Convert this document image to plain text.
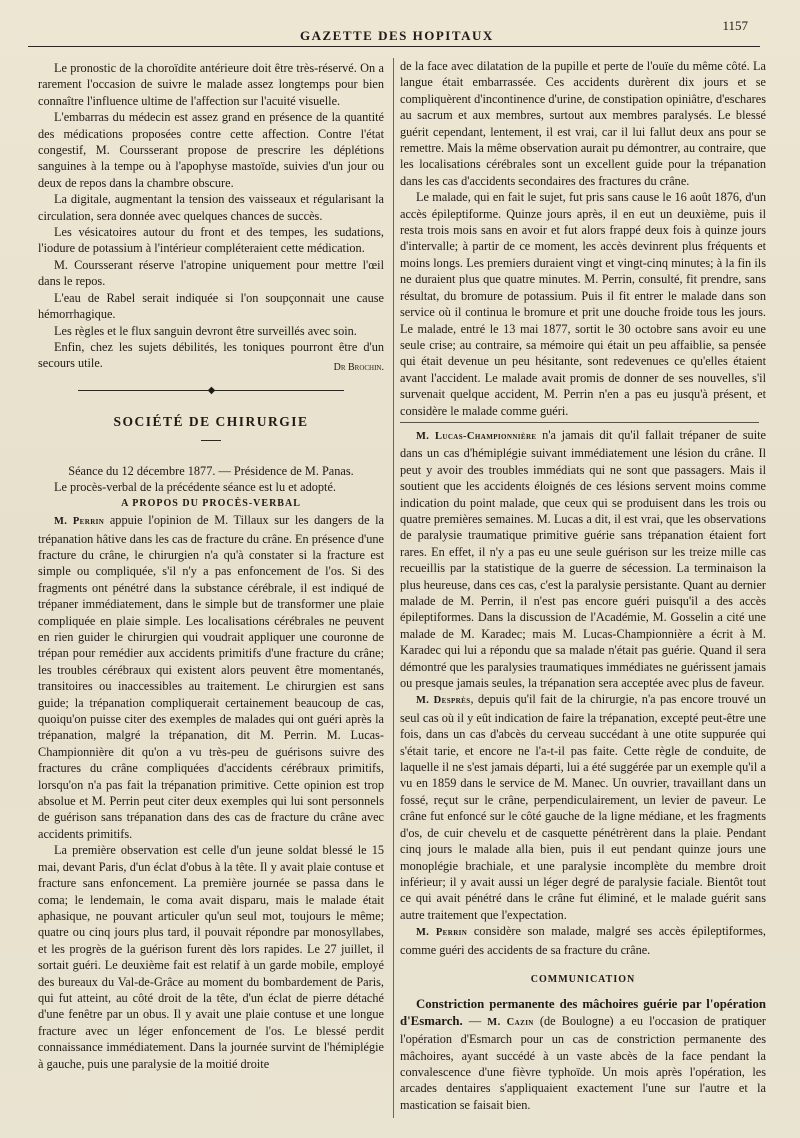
GAZETTE DES HOPITAUX
1157

Le pronostic de la choroïdite antérieure doit être très-réservé. On a rarement l'occasion de suivre le malade assez longtemps pour bien connaître l'influence ultime de l'affection sur l'acuité visuelle.

L'embarras du médecin est assez grand en présence de la quantité des médications proposées contre cette affection. Contre l'état congestif, M. Coursserant propose de prescrire les déplétions sanguines à la tempe ou à l'apophyse mastoïde, suivies d'un jour ou deux de repos dans la chambre obscure.

La digitale, augmentant la tension des vaisseaux et régularisant la circulation, sera donnée avec quelques chances de succès.

Les vésicatoires autour du front et des tempes, les sudations, l'iodure de potassium à l'intérieur compléteraient cette médication.

M. Coursserant réserve l'atropine uniquement pour mettre l'œil dans le repos.

L'eau de Rabel serait indiquée si l'on soupçonnait une cause hémorrhagique.

Les règles et le flux sanguin devront être surveillés avec soin.

Enfin, chez les sujets débilités, les toniques pourront être d'un secours utile.	Dr Brochin.

◆
SOCIÉTÉ DE CHIRURGIE

Séance du 12 décembre 1877. — Présidence de M. Panas.

Le procès-verbal de la précédente séance est lu et adopté.

A PROPOS DU PROCÈS-VERBAL

M. Perrin appuie l'opinion de M. Tillaux sur les dangers de la trépanation hâtive dans les cas de fracture du crâne. En présence d'une fracture du crâne, le chirurgien n'a qu'à constater si la fracture est simple ou compliquée, s'il n'y a pas enfoncement de l'os. Si des fragments ont pénétré dans la substance cérébrale, il est indiqué de trépaner immédiatement, dans le simple but de transformer une plaie compliquée en plaie simple. Les localisations cérébrales ne peuvent en rien guider le chirurgien qui voudrait appliquer une couronne de trépan pour remédier aux accidents primitifs d'une fracture du crâne; les troubles cérébraux qui existent alors peuvent être momentanés, transitoires ou inaccessibles au traitement. Le chirurgien est sans guide; la trépanation compliquerait certainement beaucoup de cas, quoiqu'on puisse citer des exemples de malades qui ont guéri après la trépanation, malgré la trépanation, dit M. Perrin. M. Lucas-Championnière dit qu'on a vu très-peu de guérisons suivre des fractures du crâne compliquées d'accidents cérébraux primitifs, lorsqu'on n'a pas fait la trépanation primitive. Cette opinion est trop absolue et M. Perrin peut citer deux exemples qui lui sont personnels de guérison sans trépanation dans des cas de fracture du crâne avec accidents primitifs.

La première observation est celle d'un jeune soldat blessé le 15 mai, devant Paris, d'un éclat d'obus à la tête. Il y avait plaie contuse et fracture sans enfoncement. La première journée se passa dans le coma; le lendemain, le coma avait disparu, mais le malade était aphasique, ne pouvant articuler qu'un seul mot, toujours le même; quatre ou cinq jours plus tard, il pouvait répondre par monosyllabes, et les progrès de la guérison furent dès lors rapides. Le 27 juillet, il sortait guéri. Le deuxième fait est relatif à un garde mobile, employé des bureaux du Val-de-Grâce au moment du bombardement de Paris, qui fut atteint, au côté droit de la tête, d'un éclat de pierre détaché d'une fenêtre par un obus. Il y avait une plaie contuse et une longue fracture avec un léger enfoncement de l'os. Le blessé perdit connaissance immédiatement. Dans la journée survint de l'hémiplégie à gauche, puis une paralysie de la moitié droite

de la face avec dilatation de la pupille et perte de l'ouïe du même côté. La langue était embarrassée. Ces accidents durèrent dix jours et se compliquèrent d'incontinence d'urine, de constipation opiniâtre, d'eschares au sacrum et aux membres, surtout aux membres paralysés. Le blessé guérit cependant, lentement, il est vrai, car il lui fallut deux ans pour se remettre. Mais la même observation aurait pu démontrer, au contraire, que les localisations cérébrales sont un excellent guide pour la trépanation dans les cas d'accidents secondaires des fractures du crâne.

Le malade, qui en fait le sujet, fut pris sans cause le 16 août 1876, d'un accès épileptiforme. Quinze jours après, il en eut un deuxième, puis il resta trois mois sans en avoir et fut alors frappé deux fois à quinze jours d'intervalle; à partir de ce moment, les accès devinrent plus fréquents et moins longs. Les premiers duraient vingt et vingt-cinq minutes; à la fin ils ne duraient plus que quatre minutes. M. Perrin, consulté, fit prendre, sans résultat, du bromure de potassium. Puis il fit entrer le malade dans son service où il continua le bromure et prit une douche froide tous les jours. Le malade, entré le 13 mai 1877, sortit le 30 octobre sans avoir eu une seule crise; au contraire, sa mémoire qui était un peu affaiblie, sa pensée qui était devenue un peu hésitante, sont redevenues ce qu'elles étaient avant l'accident. Le malade avait promis de donner de ses nouvelles, s'il survenait quelque accident, M. Perrin n'en a pas eu jusqu'à présent, et considère le malade comme guéri.

M. Lucas-Championnière n'a jamais dit qu'il fallait trépaner de suite dans un cas d'hémiplégie suivant immédiatement une lésion du crâne. Il peut y avoir des troubles immédiats qui ne sont que passagers. Mais il soutient que les accidents éloignés de ces lésions servent moins comme indication du point malade, que ceux qui se produisent dans les trois ou quatre premières semaines. M. Lucas a dit, il est vrai, que les observations de paralysie traumatique primitive guérie sans trépanation étaient fort rares. En effet, il n'y a pas eu une seule guérison sur les treize mille cas recueillis par la statistique de la guerre de sécession. La terminaison la plus heureuse, dans ces cas, c'est la paralysie persistante. Quant au dernier malade de M. Perrin, il n'est pas encore guéri puisqu'il a des accès épileptiformes. Dans la discussion de l'Académie, M. Gosselin a cité une malade de M. Karadec; mais M. Lucas-Championnière a écrit à M. Karadec qui lui a répondu que sa malade n'était pas guérie. Quand il sera démontré que les paralysies traumatiques immédiates ne guérissent jamais ou presque jamais seules, la trépanation sera acceptée avec plus de faveur.

M. Desprès, depuis qu'il fait de la chirurgie, n'a pas encore trouvé un seul cas où il y eût indication de faire la trépanation, excepté peut-être une fois, dans un cas d'abcès du cerveau succédant à une otite suppurée qui s'était tarie, et encore ne l'a-t-il pas faite. Cette règle de conduite, de laquelle il ne s'est jamais départi, lui a été suggérée par un exemple qu'il a vu en 1859 dans le service de M. Manec. Un ouvrier, travaillant dans un fossé, reçut sur le crâne, perpendiculairement, un levier de paveur. Le crâne fut enfoncé sur le côté gauche de la ligne médiane, et les fragments d'os, de cuir chevelu et de casquette pénétrèrent dans la plaie. Pendant cinq jours le malade alla bien, puis il eut pendant quinze jours une monoplégie brachiale, et une paralysie incomplète du membre droit inférieur; il y avait aussi un léger degré de paralysie faciale. Bientôt tout ce qui avait pénétré dans le crâne fut éliminé, et le malade guérit sans autre traitement que l'expectation.

M. Perrin considère son malade, malgré ses accès épileptiformes, comme guéri des accidents de sa fracture du crâne.

COMMUNICATION

Constriction permanente des mâchoires guérie par l'opération d'Esmarch. — M. Cazin (de Boulogne) a eu l'occasion de pratiquer l'opération d'Esmarch pour un cas de constriction permanente des mâchoires, ayant succédé à un vaste abcès de la face pendant la convalescence d'une fièvre typhoïde. Un mois après l'opération, les arcades dentaires s'appliquaient exactement l'une sur l'autre et la mastication se faisait bien.
